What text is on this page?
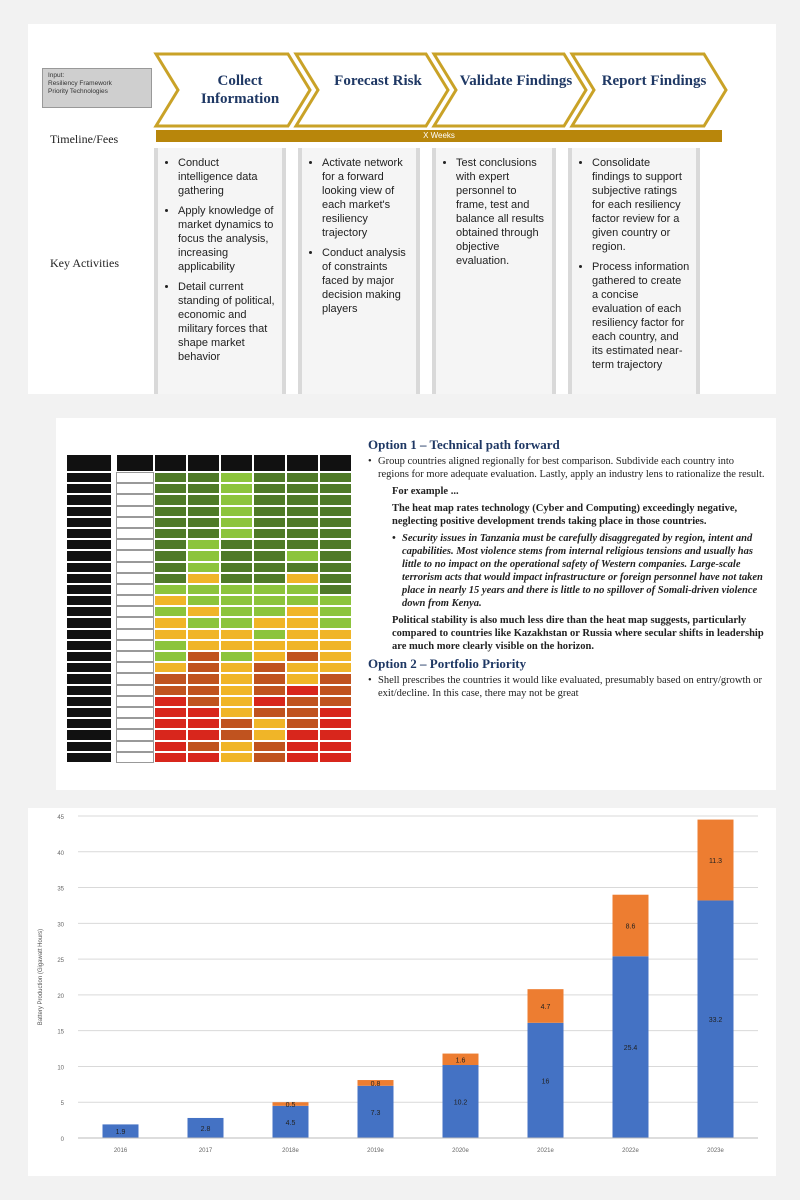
Input:
Resiliency Framework
Priority Technologies
Collect Information
Forecast Risk	Validate Findings	Report Findings
Timeline/Fees	X Weeks
Key Activities
• Conduct intelligence data gathering
• Apply knowledge of market dynamics to focus the analysis, increasing applicability
• Detail current standing of political, economic and military forces that shape market behavior
• Activate network for a forward looking view of each market's resiliency trajectory
• Conduct analysis of constraints faced by major decision making players
• Test conclusions with expert personnel to frame, test and balance all results obtained through objective evaluation.
• Consolidate findings to support subjective ratings for each resiliency factor review for a given country or region.
• Process information gathered to create a concise evaluation of each resiliency factor for each country, and its estimated near-term trajectory
Option 1 – Technical path forward

• Group countries aligned regionally for best comparison. Subdivide each country into regions for more adequate evaluation. Lastly, apply an industry lens to rationalize the result.

For example ...

The heat map rates technology (Cyber and Computing) exceedingly negative, neglecting positive development trends taking place in those countries.

• Security issues in Tanzania must be carefully disaggregated by region, intent and capabilities. Most violence stems from internal religious tensions and usually has little to no impact on the operational safety of Western companies. Large-scale terrorism acts that would impact infrastructure or foreign personnel have not taken place in nearly 15 years and there is little to no spillover of Somali-driven violence down from Kenya.

Political stability is also much less dire than the heat map suggests, particularly compared to countries like Kazakhstan or Russia where secular shifts in leadership are much more clearly visible on the horizon.

Option 2 – Portfolio Priority

• Shell prescribes the countries it would like evaluated, presumably based on entry/growth or exit/decline. In this case, there may not be great

0
5
10
15
20
25
30
35
40
45
Battery Production (Gigawatt Hours)
1.9
2016
2.8
2017
4.5
0.5
2018e
7.3
0.8
2019e
10.2
1.6
2020e
16
4.7
2021e
25.4
8.6
2022e
33.2
11.3
2023e
